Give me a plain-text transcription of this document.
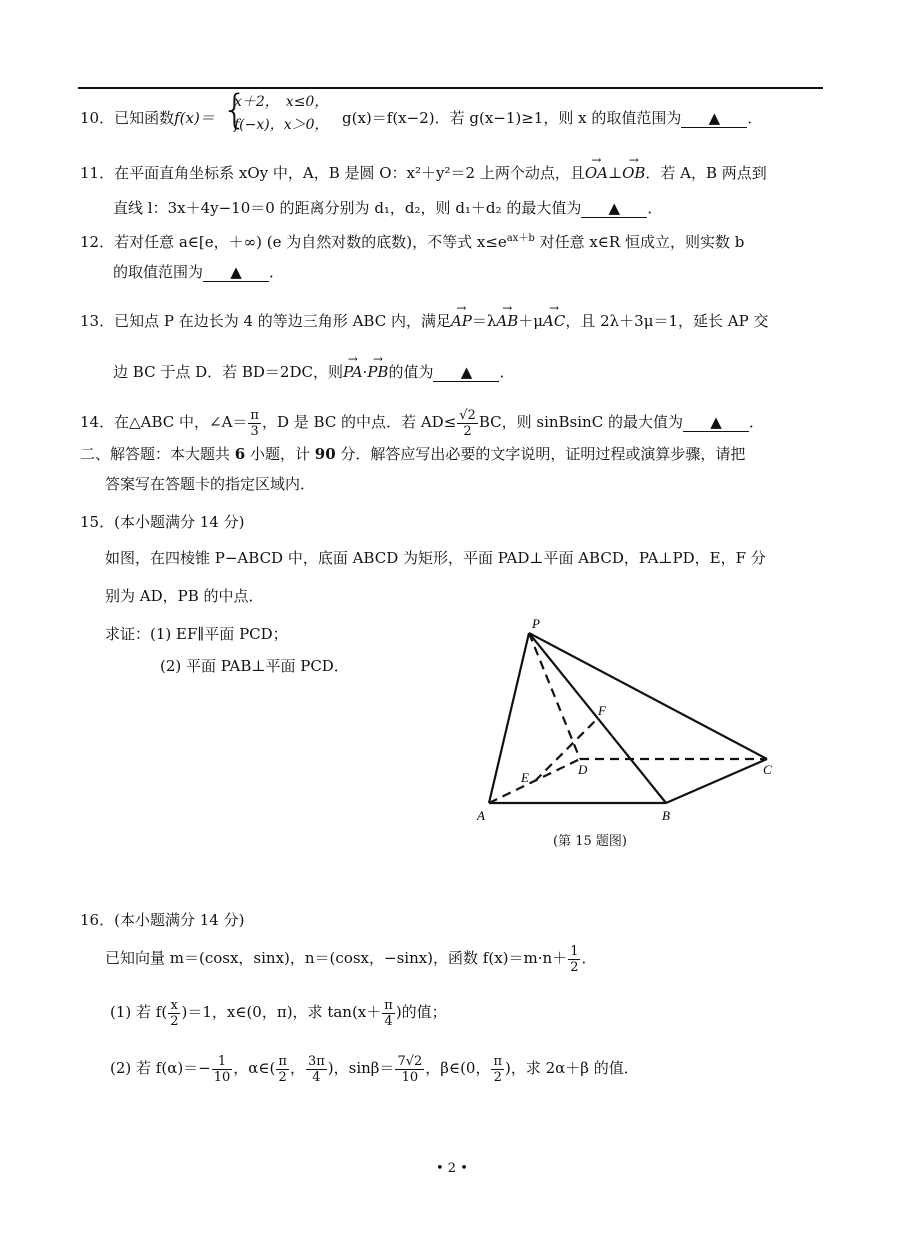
10．已知函数f(x)＝ {
x＋2，　x≤0，
f(−x)，x＞0， g(x)＝f(x−2)．若 g(x−1)≥1，则 x 的取值范围为 ▲ ．
11．在平面直角坐标系 xOy 中，A，B 是圆 O：x²＋y²＝2 上两个动点，且→ OA⊥→ OB．若 A，B 两点到
直线 l：3x＋4y−10＝0 的距离分别为 d₁，d₂，则 d₁＋d₂ 的最大值为 ▲ ．
12．若对任意 a∈[e，＋∞) (e 为自然对数的底数)，不等式 $x\le e^{ax+b}$ 对任意 x∈R 恒成立，则实数 b
的取值范围为 ▲ ．
13．已知点 P 在边长为 4 的等边三角形 ABC 内，满足→ AP＝λ→ AB＋μ→ AC，且 2λ＋3μ＝1，延长 AP 交
边 BC 于点 D．若 BD＝2DC，则→ PA·→ PB的值为 ▲ ．
14．在△ABC 中，∠A＝ $\frac{\pi}{3}$ ，D 是 BC 的中点．若 $AD\le \frac{√2}{2}$ BC，则 sinBsinC 的最大值为 ▲ ．
二、解答题：本大题共 6 小题，计 90 分．解答应写出必要的文字说明，证明过程或演算步骤，请把
答案写在答题卡的指定区域内．
15．(本小题满分 14 分)
如图，在四棱锥 P−ABCD 中，底面 ABCD 为矩形，平面 PAD⊥平面 ABCD，PA⊥PD，E，F 分
别为 AD，PB 的中点．
求证：(1) EF∥平面 PCD；
(2) 平面 PAB⊥平面 PCD．
P
F
D	C
E
A	B
(第 15 题图)
16．(本小题满分 14 分)
已知向量 m＝(cosx，sinx)，n＝(cosx，−sinx)，函数 $f(x)=m\cdot n+ \frac{1}{2}$ ．
(1) 若 $f( \frac{x}{2} )=1$，x∈(0，π)，求 $\tan(x+ \frac{\pi}{4}$ )的值；
(2) 若 $f(\alpha)=- \frac{1}{10}$ ，α∈( $\frac{\pi}{2}$ ， $\frac{3\pi}{4}$ )，$\sin\beta= \frac{7√2}{10}$ ，β∈(0， $\frac{\pi}{2}$ )，求 2α＋β 的值．
• 2 •
